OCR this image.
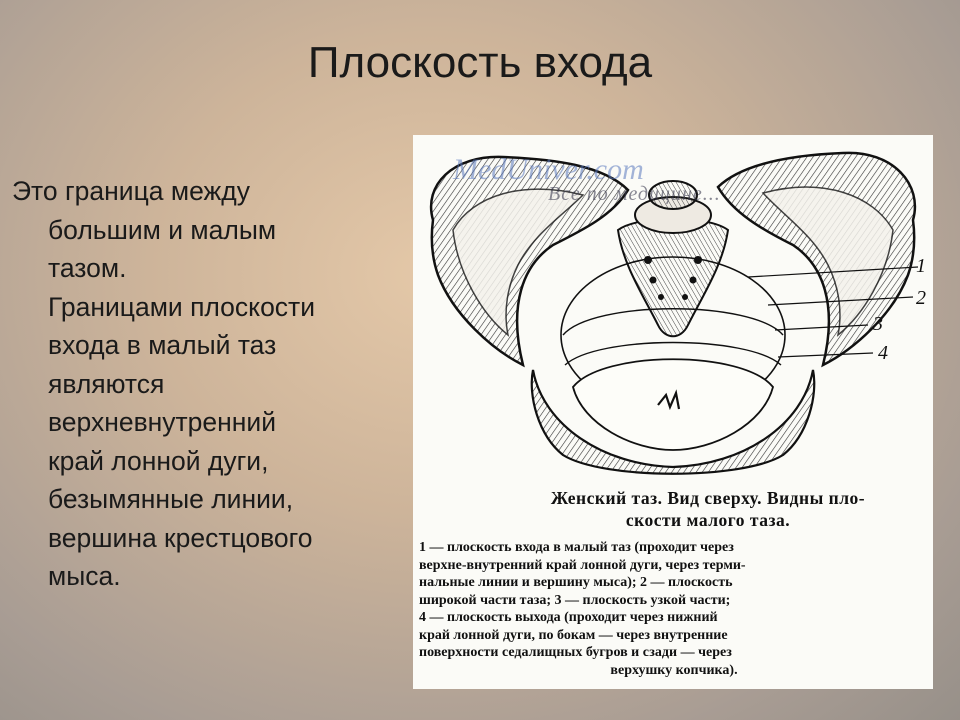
Плоскость входа
Это граница между
большим и малым
тазом.
Границами плоскости
входа в малый таз
являются
верхневнутренний
край лонной дуги,
безымянные линии,
вершина крестцового
мыса.
MedUniver.com
Все по медицине...
1
2
3
4
Женский таз. Вид сверху. Видны пло-
скости малого таза.
1 — плоскость входа в малый таз (проходит через
верхне-внутренний край лонной дуги, через терми-
нальные линии и вершину мыса); 2 — плоскость
широкой части таза; 3 — плоскость узкой части;
4 — плоскость выхода (проходит через нижний
край лонной дуги, по бокам — через внутренние
поверхности седалищных бугров и сзади — через
верхушку копчика).
